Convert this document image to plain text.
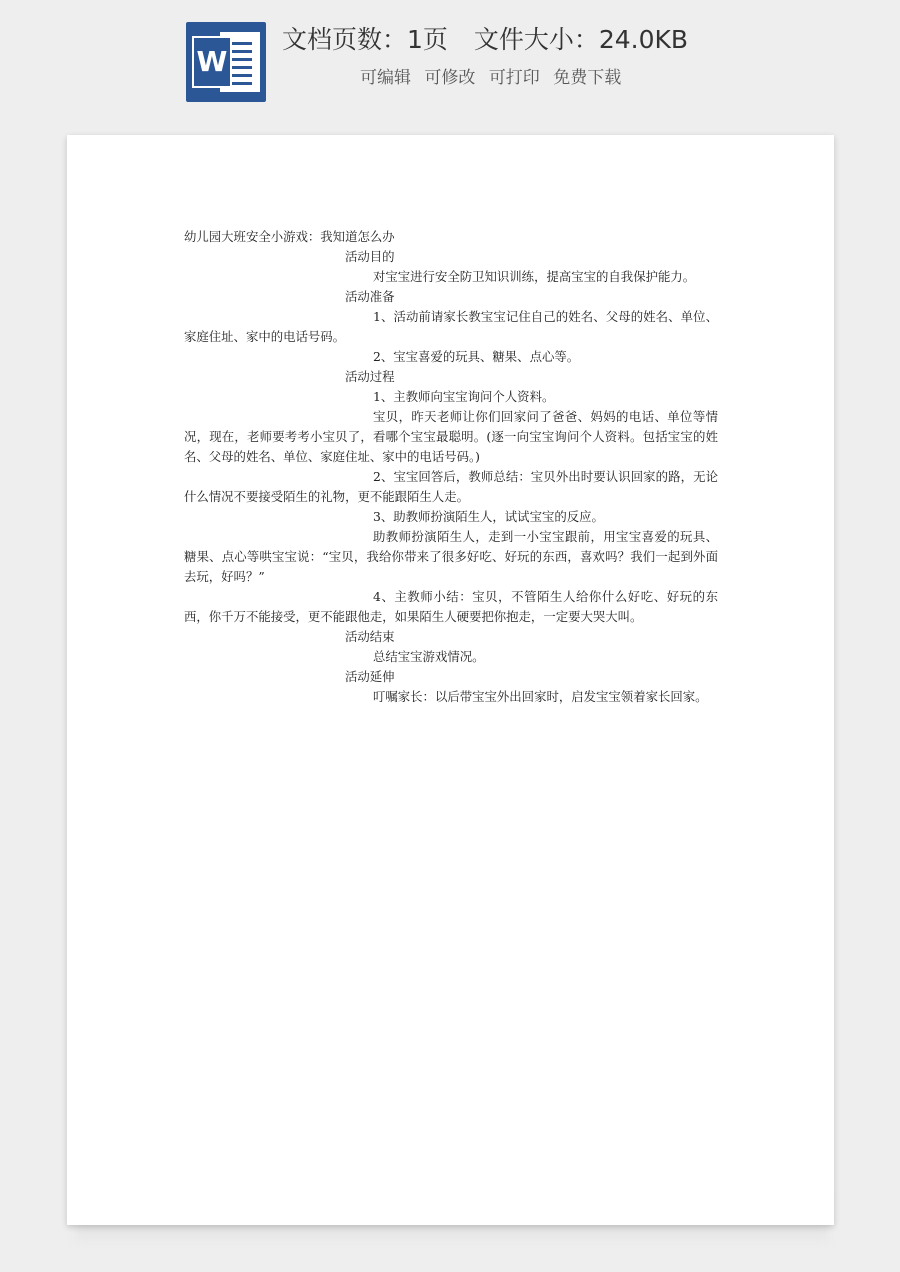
W
文档页数：1页 文件大小：24.0KB
可编辑 可修改 可打印 免费下载

幼儿园大班安全小游戏：我知道怎么办

活动目的

对宝宝进行安全防卫知识训练，提高宝宝的自我保护能力。

活动准备

1、活动前请家长教宝宝记住自己的姓名、父母的姓名、单位、家庭住址、家中的电话号码。

2、宝宝喜爱的玩具、糖果、点心等。

活动过程

1、主教师向宝宝询问个人资料。

宝贝，昨天老师让你们回家问了爸爸、妈妈的电话、单位等情况，现在，老师要考考小宝贝了，看哪个宝宝最聪明。(逐一向宝宝询问个人资料。包括宝宝的姓名、父母的姓名、单位、家庭住址、家中的电话号码。)

2、宝宝回答后，教师总结：宝贝外出时要认识回家的路，无论什么情况不要接受陌生的礼物，更不能跟陌生人走。

3、助教师扮演陌生人，试试宝宝的反应。

助教师扮演陌生人，走到一小宝宝跟前，用宝宝喜爱的玩具、糖果、点心等哄宝宝说：“宝贝，我给你带来了很多好吃、好玩的东西，喜欢吗？我们一起到外面去玩，好吗？”

4、主教师小结：宝贝，不管陌生人给你什么好吃、好玩的东西，你千万不能接受，更不能跟他走，如果陌生人硬要把你抱走，一定要大哭大叫。

活动结束

总结宝宝游戏情况。

活动延伸

叮嘱家长：以后带宝宝外出回家时，启发宝宝领着家长回家。
